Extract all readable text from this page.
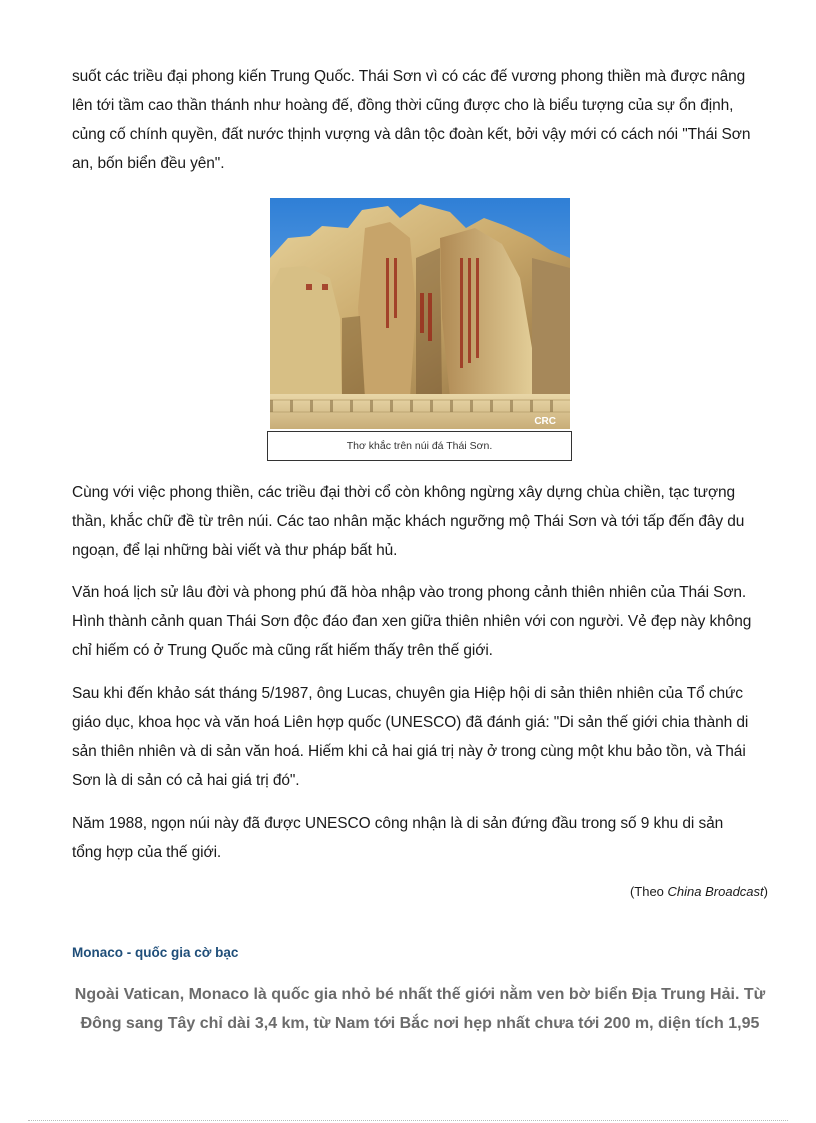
suốt các triều đại phong kiến Trung Quốc. Thái Sơn vì có các đế vương phong thiền mà được nâng lên tới tầm cao thần thánh như hoàng đế, đồng thời cũng được cho là biểu tượng của sự ổn định, củng cố chính quyền, đất nước thịnh vượng và dân tộc đoàn kết, bởi vậy mới có cách nói "Thái Sơn an, bốn biển đều yên".

CRC
Thơ khắc trên núi đá Thái Sơn.

Cùng với việc phong thiền, các triều đại thời cổ còn không ngừng xây dựng chùa chiền, tạc tượng thần, khắc chữ đề từ trên núi. Các tao nhân mặc khách ngưỡng mộ Thái Sơn và tới tấp đến đây du ngoạn, để lại những bài viết và thư pháp bất hủ.

Văn hoá lịch sử lâu đời và phong phú đã hòa nhập vào trong phong cảnh thiên nhiên của Thái Sơn. Hình thành cảnh quan Thái Sơn độc đáo đan xen giữa thiên nhiên với con người. Vẻ đẹp này không chỉ hiếm có ở Trung Quốc mà cũng rất hiếm thấy trên thế giới.

Sau khi đến khảo sát tháng 5/1987, ông Lucas, chuyên gia Hiệp hội di sản thiên nhiên của Tổ chức giáo dục, khoa học và văn hoá Liên hợp quốc (UNESCO) đã đánh giá: "Di sản thế giới chia thành di sản thiên nhiên và di sản văn hoá. Hiếm khi cả hai giá trị này ở trong cùng một khu bảo tồn, và Thái Sơn là di sản có cả hai giá trị đó".

Năm 1988, ngọn núi này đã được UNESCO công nhận là di sản đứng đầu trong số 9 khu di sản tổng hợp của thế giới.

(Theo China Broadcast)
Monaco - quốc gia cờ bạc

Ngoài Vatican, Monaco là quốc gia nhỏ bé nhất thế giới nằm ven bờ biển Địa Trung Hải. Từ Đông sang Tây chỉ dài 3,4 km, từ Nam tới Bắc nơi hẹp nhất chưa tới 200 m, diện tích 1,95
